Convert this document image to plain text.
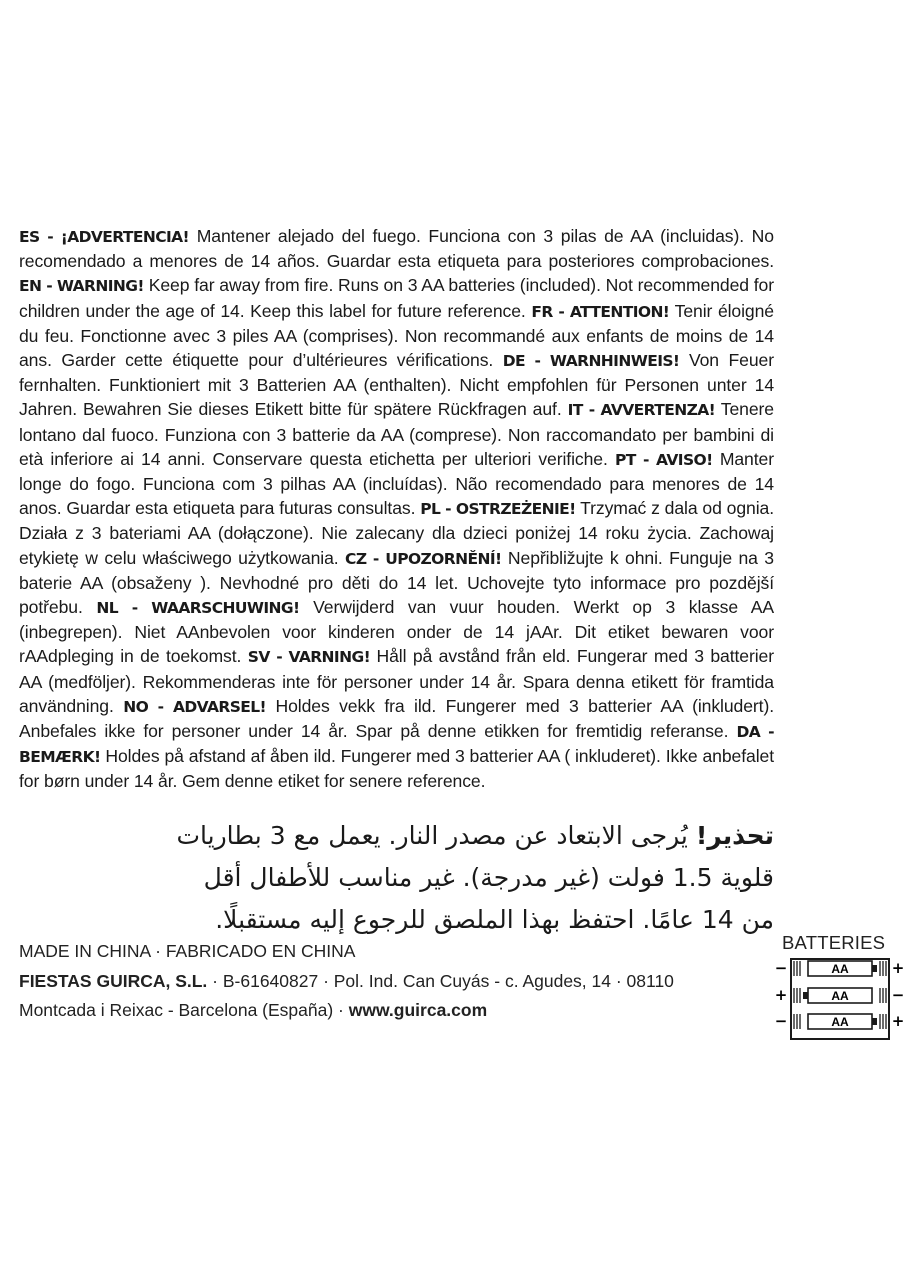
ES - ¡ADVERTENCIA! Mantener alejado del fuego. Funciona con 3 pilas de AA (incluidas). No recomendado a menores de 14 años. Guardar esta etiqueta para posteriores comprobaciones. EN - WARNING! Keep far away from fire. Runs on 3 AA batteries (included). Not recommended for children under the age of 14. Keep this label for future reference. FR - ATTENTION! Tenir éloigné du feu. Fonctionne avec 3 piles AA (comprises). Non recommandé aux enfants de moins de 14 ans. Garder cette étiquette pour d’ultérieures vérifications. DE - WARNHINWEIS! Von Feuer fernhalten. Funktioniert mit 3 Batterien AA (enthalten). Nicht empfohlen für Personen unter 14 Jahren. Bewahren Sie dieses Etikett bitte für spätere Rückfragen auf. IT - AVVERTENZA! Tenere lontano dal fuoco. Funziona con 3 batterie da AA (comprese). Non raccomandato per bambini di età inferiore ai 14 anni. Conservare questa etichetta per ulteriori verifiche. PT - AVISO! Manter longe do fogo. Funciona com 3 pilhas AA (incluídas). Não recomendado para menores de 14 anos. Guardar esta etiqueta para futuras consultas. PL - OSTRZEŻENIE! Trzymać z dala od ognia. Działa z 3 bateriami AA (dołączone). Nie zalecany dla dzieci poniżej 14 roku życia. Zachowaj etykietę w celu właściwego użytkowania. CZ - UPOZORNĚNÍ! Nepřibližujte k ohni. Funguje na 3 baterie AA (obsaženy ). Nevhodné pro děti do 14 let. Uchovejte tyto informace pro pozdější potřebu. NL - WAARSCHUWING! Verwijderd van vuur houden. Werkt op 3 klasse AA (inbegrepen). Niet AAnbevolen voor kinderen onder de 14 jAAr. Dit etiket bewaren voor rAAdpleging in de toekomst. SV - VARNING! Håll på avstånd från eld. Fungerar med 3 batterier AA (medföljer). Rekommenderas inte för personer under 14 år. Spara denna etikett för framtida användning. NO - ADVARSEL! Holdes vekk fra ild. Fungerer med 3 batterier AA (inkludert). Anbefales ikke for personer under 14 år. Spar på denne etikken for fremtidig referanse. DA - BEMÆRK! Holdes på afstand af åben ild. Fungerer med 3 batterier AA ( inkluderet). Ikke anbefalet for børn under 14 år. Gem denne etiket for senere reference.
تحذير! يُرجى الابتعاد عن مصدر النار. يعمل مع 3 بطاريات قلوية 1.5 فولت (غير مدرجة). غير مناسب للأطفال أقل من 14 عامًا. احتفظ بهذا الملصق للرجوع إليه مستقبلًا.
MADE IN CHINA · FABRICADO EN CHINA
FIESTAS GUIRCA, S.L. · B-61640827 · Pol. Ind. Can Cuyás - c. Agudes, 14 · 08110
Montcada i Reixac - Barcelona (España) · www.guirca.com
BATTERIES
AA
−	+
AA
+	−
AA
−	+
